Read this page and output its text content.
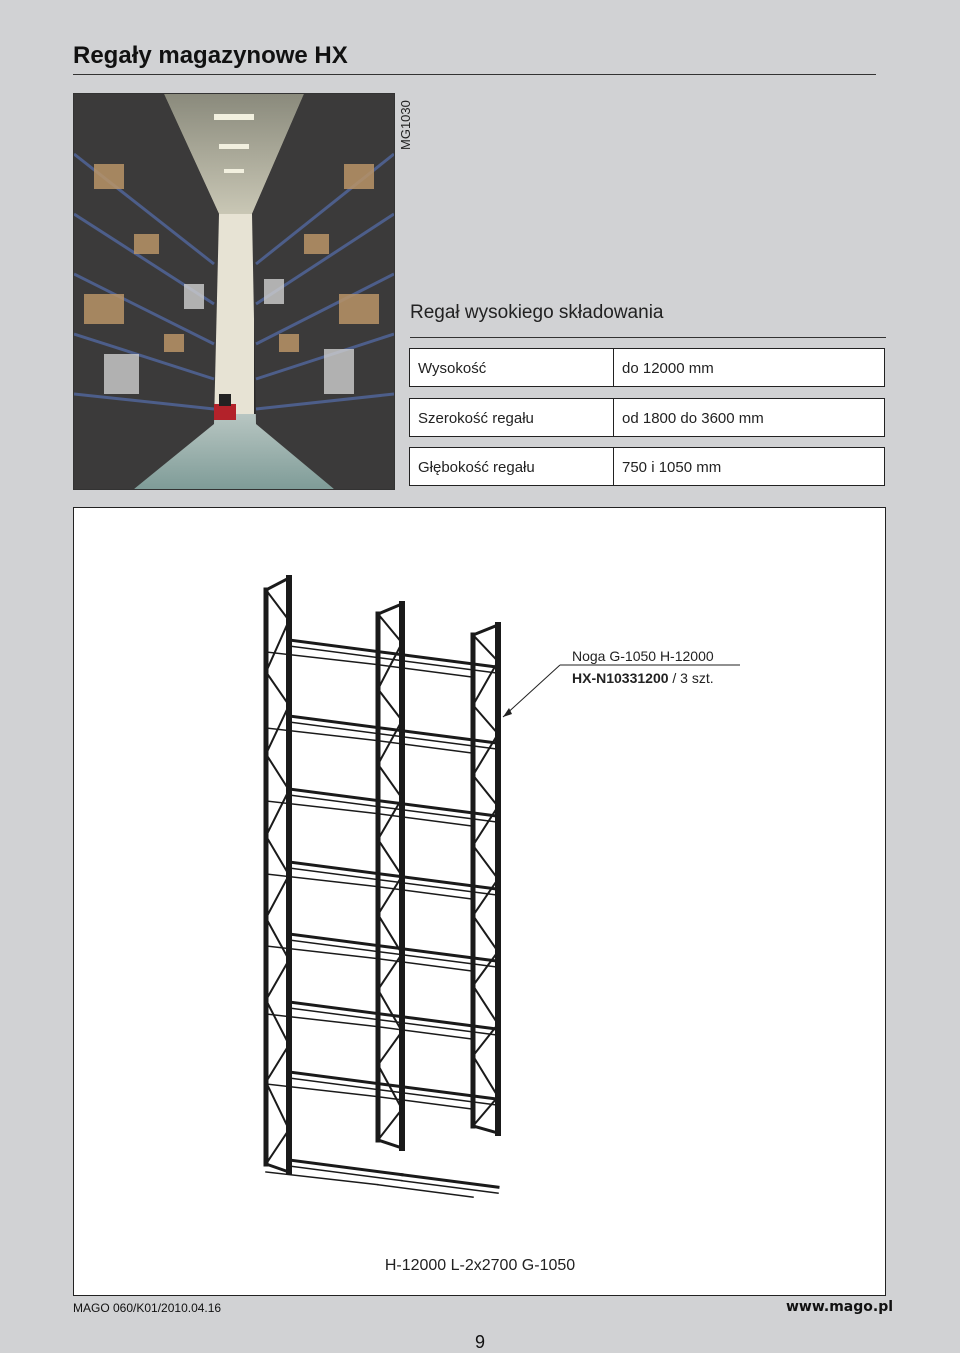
Regały magazynowe HX
MG1030
Regał wysokiego składowania
Wysokość	do 12000 mm
Szerokość regału	od 1800 do 3600 mm
Głębokość regału	750 i 1050 mm
Noga G-1050 H-12000
HX-N10331200 / 3 szt.
H-12000 L-2x2700 G-1050
MAGO 060/K01/2010.04.16	www.mago.pl
9
